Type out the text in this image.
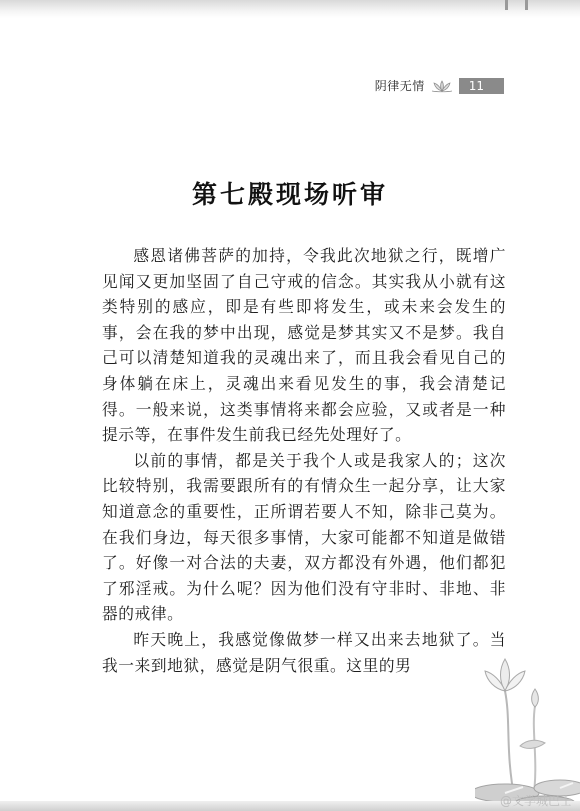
阴律无情	11
第七殿现场听审

感恩诸佛菩萨的加持，令我此次地狱之行，既增广见闻又更加坚固了自己守戒的信念。其实我从小就有这类特别的感应，即是有些即将发生，或未来会发生的事，会在我的梦中出现，感觉是梦其实又不是梦。我自己可以清楚知道我的灵魂出来了，而且我会看见自己的身体躺在床上，灵魂出来看见发生的事，我会清楚记得。一般来说，这类事情将来都会应验，又或者是一种提示等，在事件发生前我已经先处理好了。

以前的事情，都是关于我个人或是我家人的；这次比较特别，我需要跟所有的有情众生一起分享，让大家知道意念的重要性，正所谓若要人不知，除非己莫为。在我们身边，每天很多事情，大家可能都不知道是做错了。好像一对合法的夫妻，双方都没有外遇，他们都犯了邪淫戒。为什么呢？因为他们没有守非时、非地、非器的戒律。

昨天晚上，我感觉像做梦一样又出来去地狱了。当我一来到地狱，感觉是阴气很重。这里的男

@文学城巴士
